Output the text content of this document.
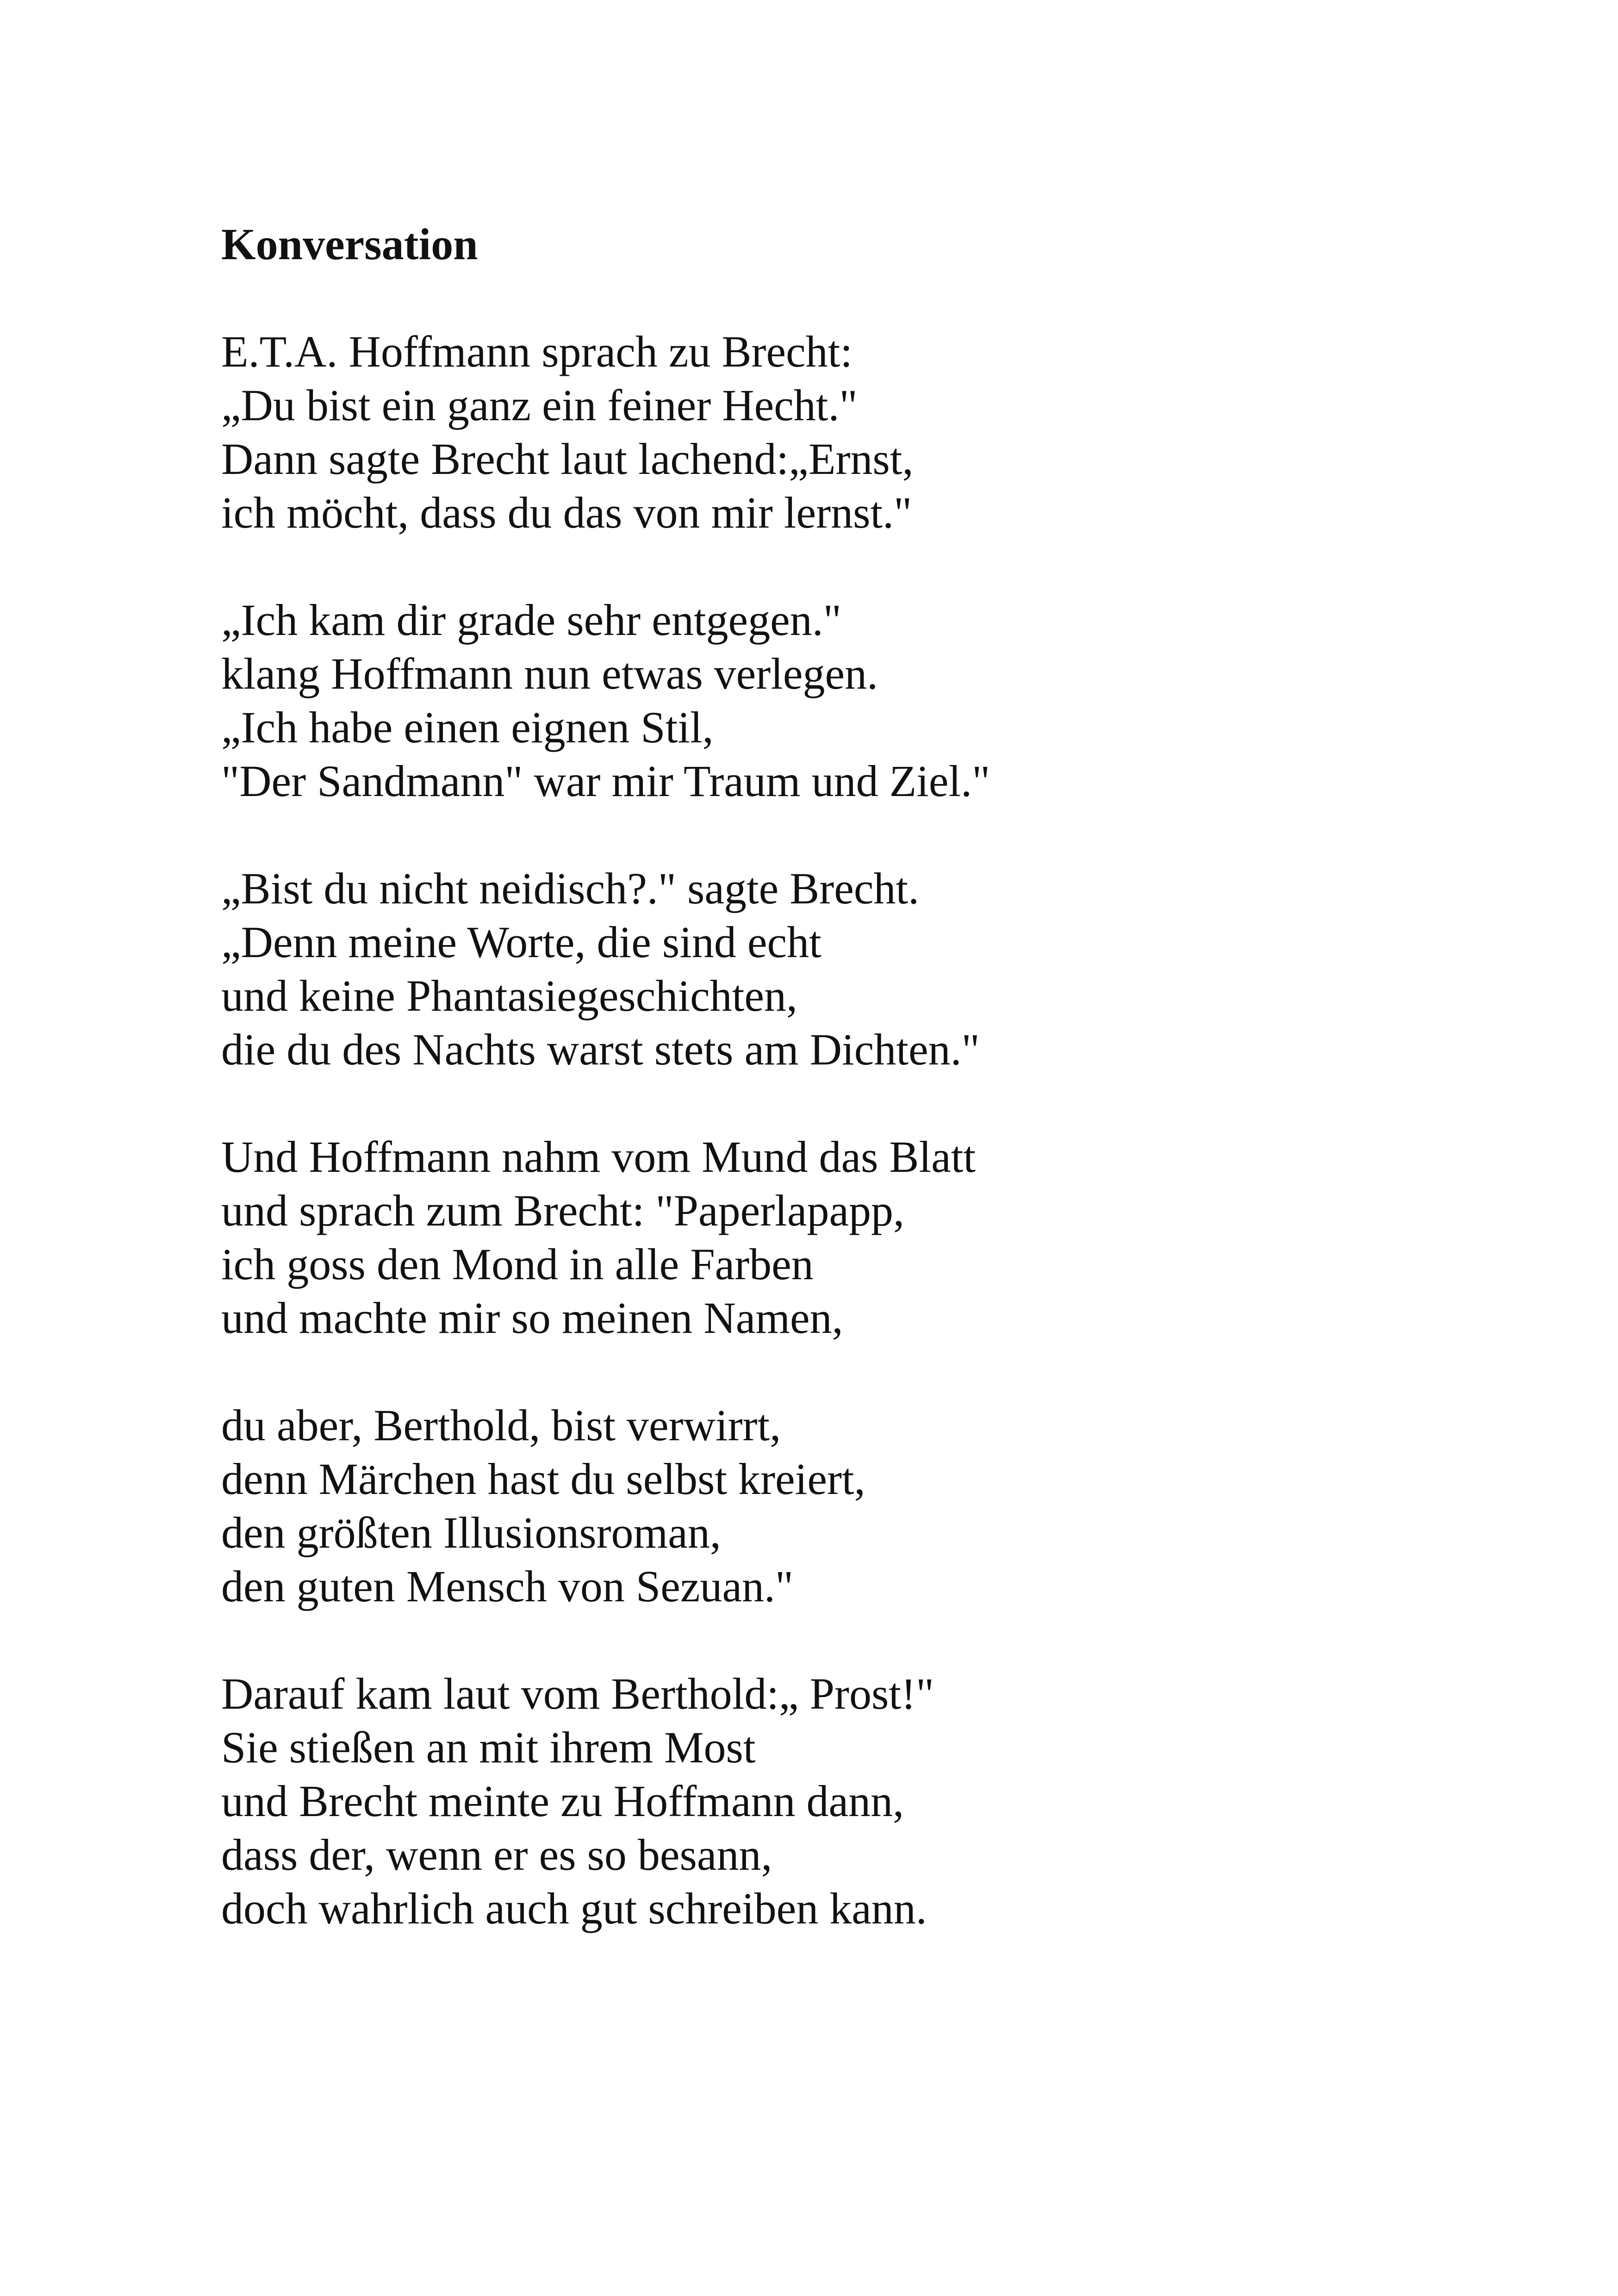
Konversation
E.T.A. Hoffmann sprach zu Brecht:
„Du bist ein ganz ein feiner Hecht."
Dann sagte Brecht laut lachend:„Ernst,
ich möcht, dass du das von mir lernst."
„Ich kam dir grade sehr entgegen."
klang Hoffmann nun etwas verlegen.
„Ich habe einen eignen Stil,
"Der Sandmann" war mir Traum und Ziel."
„Bist du nicht neidisch?." sagte Brecht.
„Denn meine Worte, die sind echt
und keine Phantasiegeschichten,
die du des Nachts warst stets am Dichten."
Und Hoffmann nahm vom Mund das Blatt
und sprach zum Brecht: "Paperlapapp,
ich goss den Mond in alle Farben
und machte mir so meinen Namen,
du aber, Berthold, bist verwirrt,
denn Märchen hast du selbst kreiert,
den größten Illusionsroman,
den guten Mensch von Sezuan."
Darauf kam laut vom Berthold:„ Prost!"
Sie stießen an mit ihrem Most
und Brecht meinte zu Hoffmann dann,
dass der, wenn er es so besann,
doch wahrlich auch gut schreiben kann.
